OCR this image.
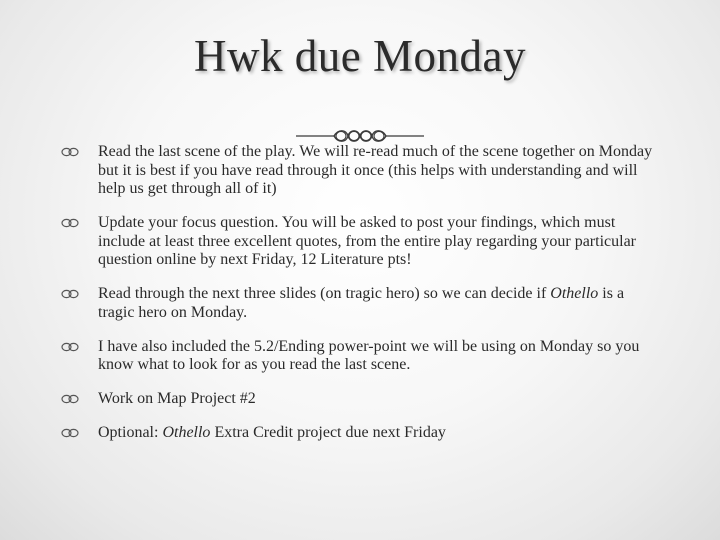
Hwk due Monday
Read the last scene of the play. We will re-read much of the scene together on Monday but it is best if you have read through it once (this helps with understanding and will help us get through all of it)
Update your focus question. You will be asked to post your findings, which must include at least three excellent quotes, from the entire play regarding your particular question online by next Friday, 12 Literature pts!
Read through the next three slides (on tragic hero) so we can decide if Othello is a tragic hero on Monday.
I have also included the 5.2/Ending power-point we will be using on Monday so you know what to look for as you read the last scene.
Work on Map Project #2
Optional: Othello Extra Credit project due next Friday
